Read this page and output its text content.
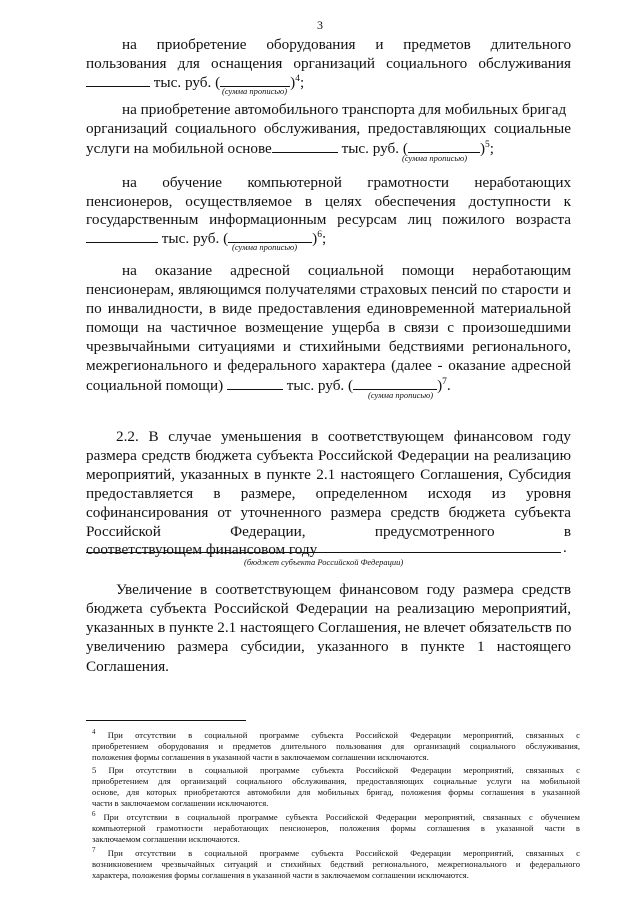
3
на приобретение оборудования и предметов длительного
пользования для оснащения организаций социального обслуживания
тыс. руб. (	)$^4$;
(сумма прописью)
на приобретение автомобильного транспорта для мобильных бригад
организаций социального обслуживания, предоставляющих социальные
услуги на мобильной основе	тыс. руб. (	)$^5$;
(сумма прописью)
на обучение компьютерной грамотности неработающих
пенсионеров, осуществляемое в целях обеспечения доступности к
государственным информационным ресурсам лиц пожилого возраста
тыс. руб. (	)$^6$;
(сумма прописью)
на оказание адресной социальной помощи неработающим
пенсионерам, являющимся получателями страховых пенсий по старости и
по инвалидности, в виде предоставления единовременной материальной
помощи на частичное возмещение ущерба в связи с произошедшими
чрезвычайными ситуациями и стихийными бедствиями регионального,
межрегионального и федерального характера (далее - оказание адресной
социальной помощи)	тыс. руб. (	)$^7$.
(сумма прописью)
2.2. В случае уменьшения в соответствующем финансовом году
размера средств бюджета субъекта Российской Федерации на реализацию
мероприятий, указанных в пункте 2.1 настоящего Соглашения, Субсидия
предоставляется в размере, определенном исходя из уровня
софинансирования от уточненного размера средств бюджета субъекта
Российской	Федерации,	предусмотренного	в
соответствующем финансовом году	.
(бюджет субъекта Российской Федерации)
Увеличение в соответствующем финансовом году размера средств
бюджета субъекта Российской Федерации на реализацию мероприятий,
указанных в пункте 2.1 настоящего Соглашения, не влечет обязательств по
увеличению размера субсидии, указанного в пункте 1 настоящего
Соглашения.
$^4$ При отсутствии в социальной программе субъекта Российской Федерации мероприятий, связанных с
приобретением оборудования и предметов длительного пользования для организаций социального обслуживания,
положения формы соглашения в указанной части в заключаемом соглашении исключаются.
5 При отсутствии в социальной программе субъекта Российской Федерации мероприятий, связанных с
приобретением для организаций социального обслуживания, предоставляющих социальные услуги на мобильной
основе, для которых приобретаются автомобили для мобильных бригад, положения формы соглашения в указанной
части в заключаемом соглашении исключаются.
$^6$ При отсутствии в социальной программе субъекта Российской Федерации мероприятий, связанных с обучением
компьютерной грамотности неработающих пенсионеров, положения формы соглашения в указанной части в
заключаемом соглашении исключаются.
$^7$ При отсутствии в социальной программе субъекта Российской Федерации мероприятий, связанных с
возникновением чрезвычайных ситуаций и стихийных бедствий регионального, межрегионального и федерального
характера, положения формы соглашения в указанной части в заключаемом соглашении исключаются.
